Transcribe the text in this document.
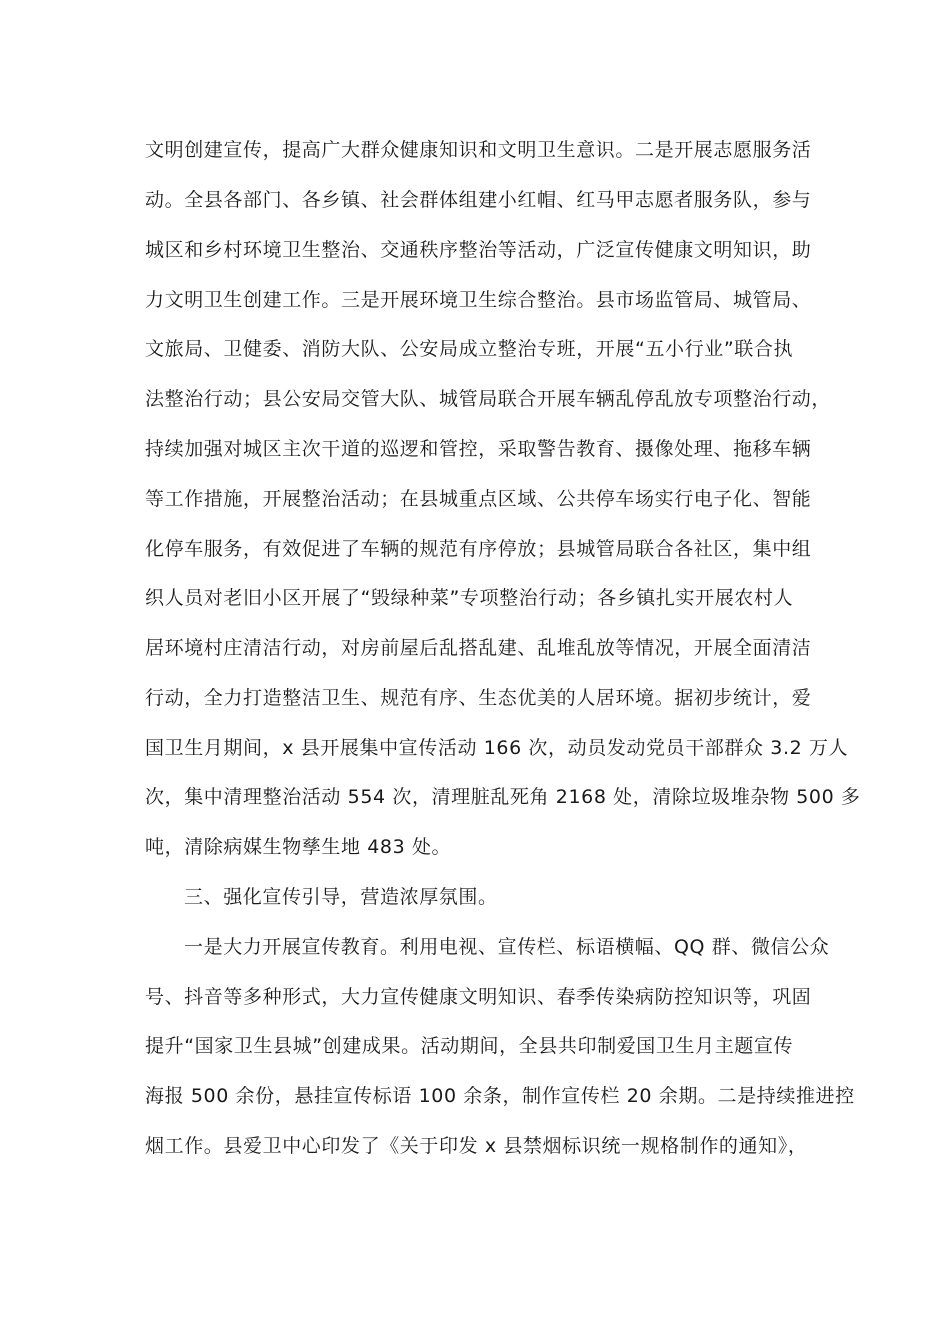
文明创建宣传，提高广大群众健康知识和文明卫生意识。二是开展志愿服务活
动。全县各部门、各乡镇、社会群体组建小红帽、红马甲志愿者服务队，参与
城区和乡村环境卫生整治、交通秩序整治等活动，广泛宣传健康文明知识，助
力文明卫生创建工作。三是开展环境卫生综合整治。县市场监管局、城管局、
文旅局、卫健委、消防大队、公安局成立整治专班，开展“五小行业”联合执
法整治行动；县公安局交管大队、城管局联合开展车辆乱停乱放专项整治行动，
持续加强对城区主次干道的巡逻和管控，采取警告教育、摄像处理、拖移车辆
等工作措施，开展整治活动；在县城重点区域、公共停车场实行电子化、智能
化停车服务，有效促进了车辆的规范有序停放；县城管局联合各社区，集中组
织人员对老旧小区开展了“毁绿种菜”专项整治行动；各乡镇扎实开展农村人
居环境村庄清洁行动，对房前屋后乱搭乱建、乱堆乱放等情况，开展全面清洁
行动，全力打造整洁卫生、规范有序、生态优美的人居环境。据初步统计，爱
国卫生月期间，x 县开展集中宣传活动 166 次，动员发动党员干部群众 3.2 万人
次，集中清理整治活动 554 次，清理脏乱死角 2168 处，清除垃圾堆杂物 500 多
吨，清除病媒生物孳生地 483 处。
三、强化宣传引导，营造浓厚氛围。
一是大力开展宣传教育。利用电视、宣传栏、标语横幅、QQ 群、微信公众
号、抖音等多种形式，大力宣传健康文明知识、春季传染病防控知识等，巩固
提升“国家卫生县城”创建成果。活动期间，全县共印制爱国卫生月主题宣传
海报 500 余份，悬挂宣传标语 100 余条，制作宣传栏 20 余期。二是持续推进控
烟工作。县爱卫中心印发了《关于印发 x 县禁烟标识统一规格制作的通知》，
